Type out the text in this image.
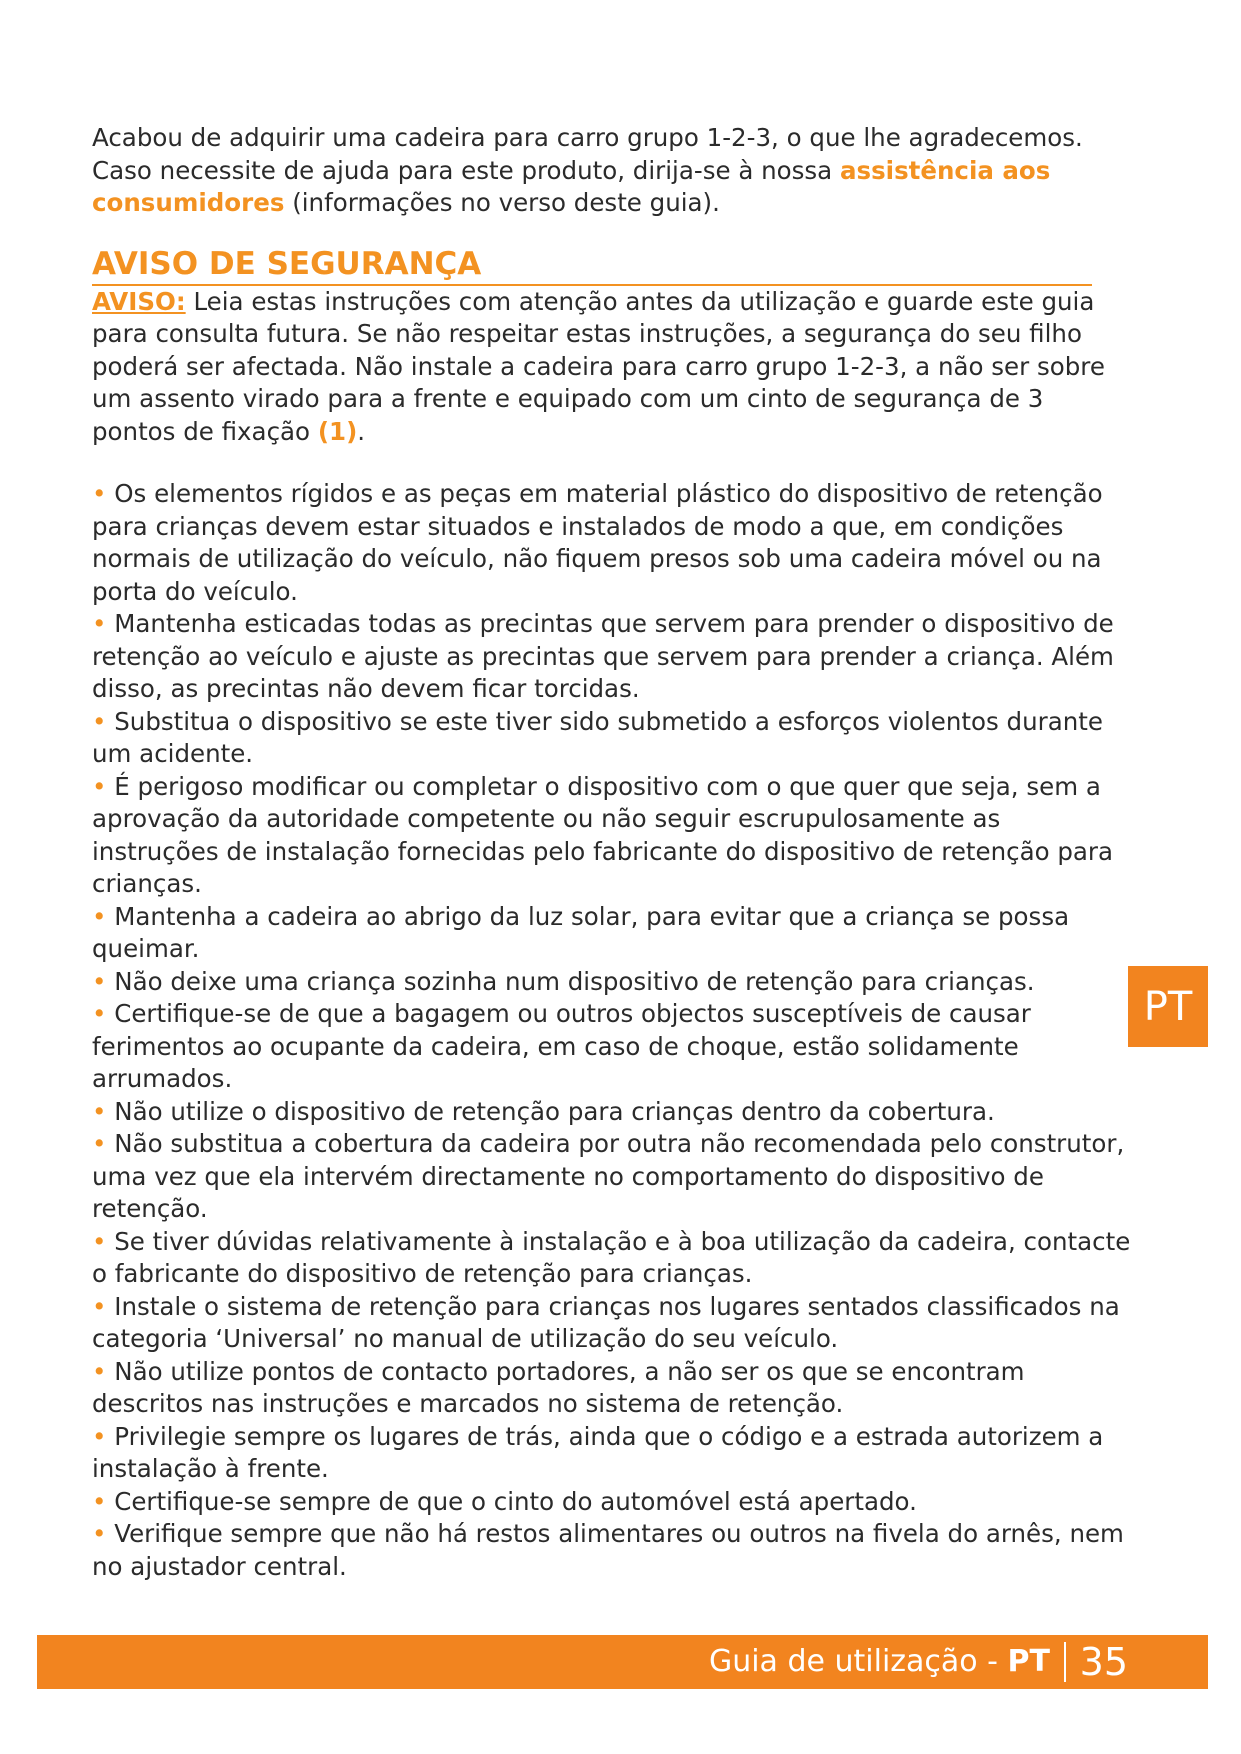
Acabou de adquirir uma cadeira para carro grupo 1-2-3, o que lhe agradecemos. Caso necessite de ajuda para este produto, dirija-se à nossa assistência aos consumidores (informações no verso deste guia).

AVISO DE SEGURANÇA

AVISO: Leia estas instruções com atenção antes da utilização e guarde este guia para consulta futura. Se não respeitar estas instruções, a segurança do seu filho poderá ser afectada. Não instale a cadeira para carro grupo 1-2-3, a não ser sobre um assento virado para a frente e equipado com um cinto de segurança de 3 pontos de fixação (1).

• Os elementos rígidos e as peças em material plástico do dispositivo de retenção para crianças devem estar situados e instalados de modo a que, em condições normais de utilização do veículo, não fiquem presos sob uma cadeira móvel ou na porta do veículo.
• Mantenha esticadas todas as precintas que servem para prender o dispositivo de retenção ao veículo e ajuste as precintas que servem para prender a criança. Além disso, as precintas não devem ficar torcidas.
• Substitua o dispositivo se este tiver sido submetido a esforços violentos durante um acidente.
• É perigoso modificar ou completar o dispositivo com o que quer que seja, sem a aprovação da autoridade competente ou não seguir escrupulosamente as instruções de instalação fornecidas pelo fabricante do dispositivo de retenção para crianças.
• Mantenha a cadeira ao abrigo da luz solar, para evitar que a criança se possa queimar.
• Não deixe uma criança sozinha num dispositivo de retenção para crianças.
• Certifique-se de que a bagagem ou outros objectos susceptíveis de causar ferimentos ao ocupante da cadeira, em caso de choque, estão solidamente arrumados.
• Não utilize o dispositivo de retenção para crianças dentro da cobertura.
• Não substitua a cobertura da cadeira por outra não recomendada pelo construtor, uma vez que ela intervém directamente no comportamento do dispositivo de retenção.
• Se tiver dúvidas relativamente à instalação e à boa utilização da cadeira, contacte o fabricante do dispositivo de retenção para crianças.
• Instale o sistema de retenção para crianças nos lugares sentados classificados na categoria ‘Universal’ no manual de utilização do seu veículo.
• Não utilize pontos de contacto portadores, a não ser os que se encontram descritos nas instruções e marcados no sistema de retenção.
• Privilegie sempre os lugares de trás, ainda que o código e a estrada autorizem a instalação à frente.
• Certifique-se sempre de que o cinto do automóvel está apertado.
• Verifique sempre que não há restos alimentares ou outros na fivela do arnês, nem no ajustador central.
PT
Guia de utilização - PT 35
